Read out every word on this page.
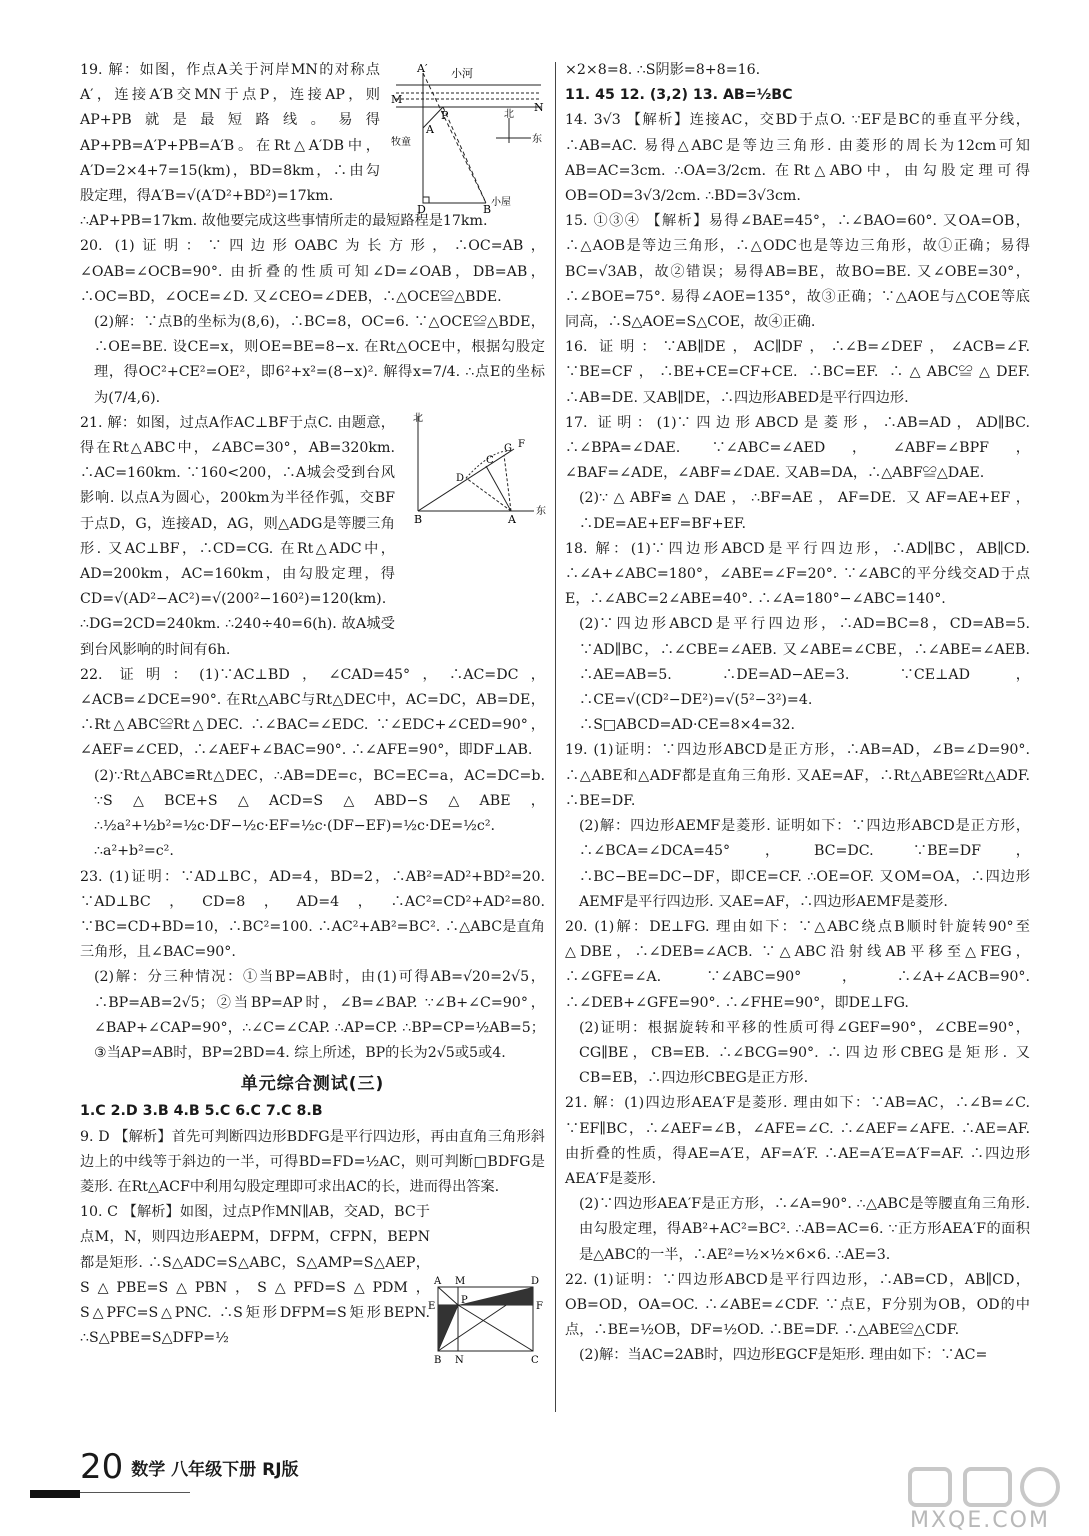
19. 解：如图，作点A关于河岸MN的对称点A′，连接A′B交MN于点P，连接AP，则AP+PB就是最短路线。易得AP+PB=A′P+PB=A′B。在Rt△A′DB中，A′D=2×4+7=15(km)，BD=8km，∴由勾股定理，得A′B=√(A′D²+BD²)=17km.

∴AP+PB=17km. 故他要完成这些事情所走的最短路程是17km.

20. (1)证明：∵四边形OABC为长方形，∴OC=AB，∠OAB=∠OCB=90°. 由折叠的性质可知∠D=∠OAB，DB=AB，∴OC=BD，∠OCE=∠D. 又∠CEO=∠DEB，∴△OCE≌△BDE.

(2)解：∵点B的坐标为(8,6)，∴BC=8，OC=6. ∵△OCE≌△BDE，∴OE=BE. 设CE=x，则OE=BE=8−x. 在Rt△OCE中，根据勾股定理，得OC²+CE²=OE²，即6²+x²=(8−x)². 解得x=7/4. ∴点E的坐标为(7/4,6).

21. 解：如图，过点A作AC⊥BF于点C. 由题意，得在Rt△ABC中，∠ABC=30°，AB=320km. ∴AC=160km. ∵160<200，∴A城会受到台风影响. 以点A为圆心，200km为半径作弧，交BF于点D，G，连接AD，AG，则△ADG是等腰三角形. 又AC⊥BF，∴CD=CG. 在Rt△ADC中，AD=200km，AC=160km，由勾股定理，得CD=√(AD²−AC²)=√(200²−160²)=120(km). ∴DG=2CD=240km. ∴240÷40=6(h). 故A城受到台风影响的时间有6h.

22. 证明：(1)∵AC⊥BD，∠CAD=45°，∴AC=DC，∠ACB=∠DCE=90°. 在Rt△ABC与Rt△DEC中，AC=DC，AB=DE，∴Rt△ABC≌Rt△DEC. ∴∠BAC=∠EDC. ∵∠EDC+∠CED=90°，∠AEF=∠CED，∴∠AEF+∠BAC=90°. ∴∠AFE=90°，即DF⊥AB.

(2)∵Rt△ABC≌Rt△DEC，∴AB=DE=c，BC=EC=a，AC=DC=b. ∵S△BCE+S△ACD=S△ABD−S△ABE，∴½a²+½b²=½c·DF−½c·EF=½c·(DF−EF)=½c·DE=½c². ∴a²+b²=c².

23. (1)证明：∵AD⊥BC，AD=4，BD=2，∴AB²=AD²+BD²=20. ∵AD⊥BC，CD=8，AD=4，∴AC²=CD²+AD²=80. ∵BC=CD+BD=10，∴BC²=100. ∴AC²+AB²=BC². ∴△ABC是直角三角形，且∠BAC=90°.

(2)解：分三种情况：①当BP=AB时，由(1)可得AB=√20=2√5，∴BP=AB=2√5；②当BP=AP时，∠B=∠BAP. ∵∠B+∠C=90°，∠BAP+∠CAP=90°，∴∠C=∠CAP. ∴AP=CP. ∴BP=CP=½AB=5；③当AP=AB时，BP=2BD=4. 综上所述，BP的长为2√5或5或4.

单元综合测试(三)

1.C 2.D 3.B 4.B 5.C 6.C 7.C 8.B

9. D 【解析】首先可判断四边形BDFG是平行四边形，再由直角三角形斜边上的中线等于斜边的一半，可得BD=FD=½AC，则可判断□BDFG是菱形. 在Rt△ACF中利用勾股定理即可求出AC的长，进而得出答案.

10. C 【解析】如图，过点P作MN∥AB，交AD，BC于点M，N，则四边形AEPM，DFPM，CFPN，BEPN都是矩形. ∴S△ADC=S△ABC，S△AMP=S△AEP，S△PBE=S△PBN，S△PFD=S△PDM，S△PFC=S△PNC. ∴S矩形DFPM=S矩形BEPN. ∴S△PBE=S△DFP=½

×2×8=8. ∴S阴影=8+8=16.

11. 45 12. (3,2) 13. AB=½BC

14. 3√3 【解析】连接AC，交BD于点O. ∵EF是BC的垂直平分线，∴AB=AC. 易得△ABC是等边三角形. 由菱形的周长为12cm可知AB=AC=3cm. ∴OA=3/2cm. 在Rt△ABO中，由勾股定理可得OB=OD=3√3/2cm. ∴BD=3√3cm.

15. ①③④ 【解析】易得∠BAE=45°，∴∠BAO=60°. 又OA=OB，∴△AOB是等边三角形，∴△ODC也是等边三角形，故①正确；易得BC=√3AB，故②错误；易得AB=BE，故BO=BE. 又∠OBE=30°，∴∠BOE=75°. 易得∠AOE=135°，故③正确；∵△AOE与△COE等底同高，∴S△AOE=S△COE，故④正确.

16. 证明：∵AB∥DE，AC∥DF，∴∠B=∠DEF，∠ACB=∠F. ∵BE=CF，∴BE+CE=CF+CE. ∴BC=EF. ∴△ABC≌△DEF. ∴AB=DE. 又AB∥DE，∴四边形ABED是平行四边形.

17. 证明：(1)∵四边形ABCD是菱形，∴AB=AD，AD∥BC. ∴∠BPA=∠DAE. ∵∠ABC=∠AED，∠ABF=∠BPF，∠BAF=∠ADE，∠ABF=∠DAE. 又AB=DA，∴△ABF≌△DAE.

(2)∵△ABF≌△DAE，∴BF=AE，AF=DE. 又AF=AE+EF，∴DE=AE+EF=BF+EF.

18. 解：(1)∵四边形ABCD是平行四边形，∴AD∥BC，AB∥CD. ∴∠A+∠ABC=180°，∠ABE=∠F=20°. ∵∠ABC的平分线交AD于点E，∴∠ABC=2∠ABE=40°. ∴∠A=180°−∠ABC=140°.

(2)∵四边形ABCD是平行四边形，∴AD=BC=8，CD=AB=5. ∵AD∥BC，∴∠CBE=∠AEB. 又∠ABE=∠CBE，∴∠ABE=∠AEB. ∴AE=AB=5. ∴DE=AD−AE=3. ∵CE⊥AD，∴CE=√(CD²−DE²)=√(5²−3²)=4. ∴S□ABCD=AD·CE=8×4=32.

19. (1)证明：∵四边形ABCD是正方形，∴AB=AD，∠B=∠D=90°. ∴△ABE和△ADF都是直角三角形. 又AE=AF，∴Rt△ABE≌Rt△ADF. ∴BE=DF.

(2)解：四边形AEMF是菱形. 证明如下：∵四边形ABCD是正方形，∴∠BCA=∠DCA=45°，BC=DC. ∵BE=DF，∴BC−BE=DC−DF，即CE=CF. ∴OE=OF. 又OM=OA，∴四边形AEMF是平行四边形. 又AE=AF，∴四边形AEMF是菱形.

20. (1)解：DE⊥FG. 理由如下：∵△ABC绕点B顺时针旋转90°至△DBE，∴∠DEB=∠ACB. ∵△ABC沿射线AB平移至△FEG，∴∠GFE=∠A. ∵∠ABC=90°，∴∠A+∠ACB=90°. ∴∠DEB+∠GFE=90°. ∴∠FHE=90°，即DE⊥FG.

(2)证明：根据旋转和平移的性质可得∠GEF=90°，∠CBE=90°，CG∥BE，CB=EB. ∴∠BCG=90°. ∴四边形CBEG是矩形. 又CB=EB，∴四边形CBEG是正方形.

21. 解：(1)四边形AEA′F是菱形. 理由如下：∵AB=AC，∴∠B=∠C. ∵EF∥BC，∴∠AEF=∠B，∠AFE=∠C. ∴∠AEF=∠AFE. ∴AE=AF. 由折叠的性质，得AE=A′E，AF=A′F. ∴AE=A′E=A′F=AF. ∴四边形AEA′F是菱形.

(2)∵四边形AEA′F是正方形，∴∠A=90°. ∴△ABC是等腰直角三角形. 由勾股定理，得AB²+AC²=BC². ∴AB=AC=6. ∵正方形AEA′F的面积是△ABC的一半，∴AE²=½×½×6×6. ∴AE=3.

22. (1)证明：∵四边形ABCD是平行四边形，∴AB=CD，AB∥CD，OB=OD，OA=OC. ∴∠ABE=∠CDF. ∵点E，F分别为OB，OD的中点，∴BE=½OB，DF=½OD. ∴BE=DF. ∴△ABE≌△CDF.

(2)解：当AC=2AB时，四边形EGCF是矩形. 理由如下：∵AC=

小河
A′
M
N
P
A
牧童
D	B
小屋
北
东
北
东
B	A
C
D
G F
A M	D
E
P
F
B N	C
20 数学 八年级下册 RJ版
MXQE.COM
